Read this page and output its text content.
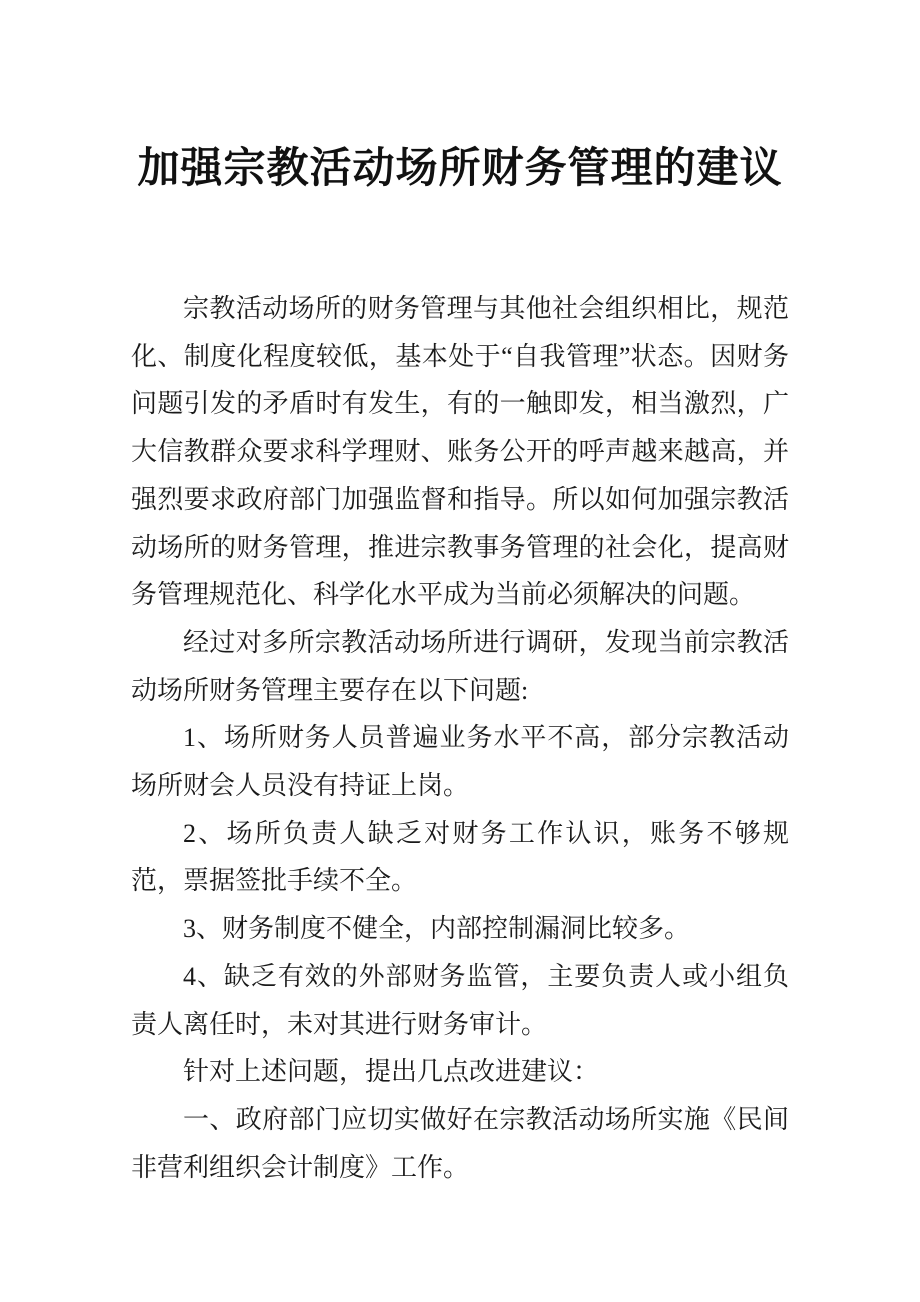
加强宗教活动场所财务管理的建议

宗教活动场所的财务管理与其他社会组织相比，规范化、制度化程度较低，基本处于“自我管理”状态。因财务问题引发的矛盾时有发生，有的一触即发，相当激烈，广大信教群众要求科学理财、账务公开的呼声越来越高，并强烈要求政府部门加强监督和指导。所以如何加强宗教活动场所的财务管理，推进宗教事务管理的社会化，提高财务管理规范化、科学化水平成为当前必须解决的问题。

经过对多所宗教活动场所进行调研，发现当前宗教活动场所财务管理主要存在以下问题:

1、场所财务人员普遍业务水平不高，部分宗教活动场所财会人员没有持证上岗。

2、场所负责人缺乏对财务工作认识，账务不够规范，票据签批手续不全。

3、财务制度不健全，内部控制漏洞比较多。

4、缺乏有效的外部财务监管，主要负责人或小组负责人离任时，未对其进行财务审计。

针对上述问题，提出几点改进建议：

一、政府部门应切实做好在宗教活动场所实施《民间非营利组织会计制度》工作。
